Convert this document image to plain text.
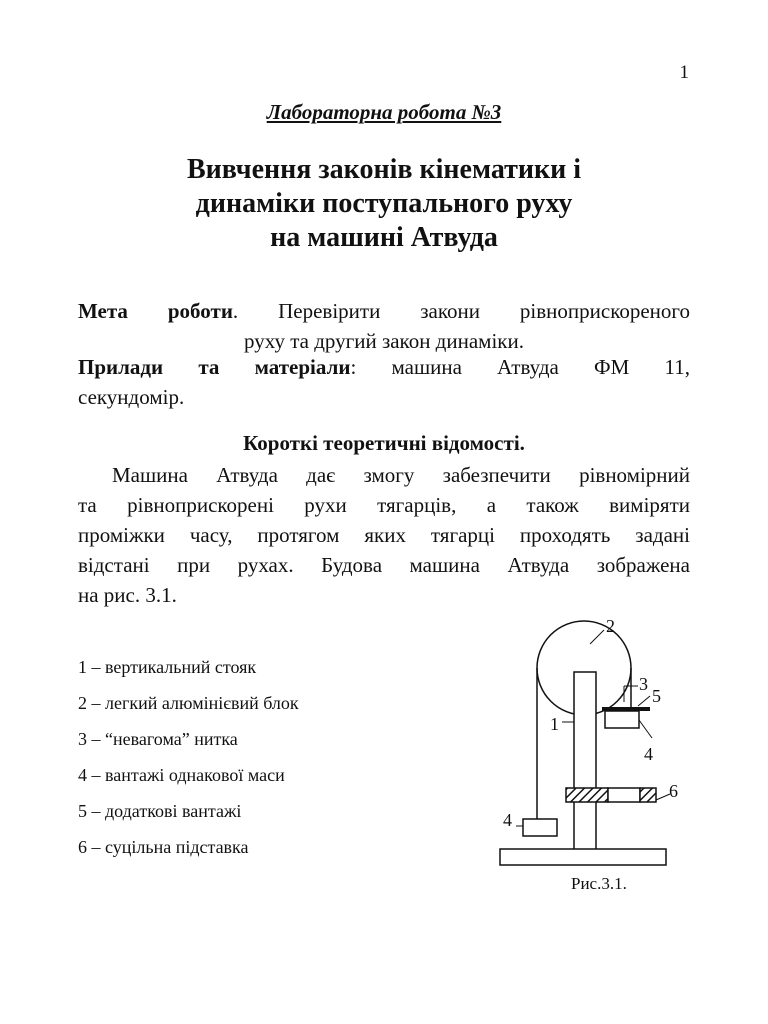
1
Лабораторна робота №3
Вивчення законів кінематики і
динаміки поступального руху
на машині Атвуда
Мета роботи. Перевірити закони рівноприскореного
руху та другий закон динаміки.
Прилади та матеріали: машина Атвуда ФМ 11,
секундомір.
Короткі теоретичні відомості.
Машина Атвуда дає змогу забезпечити рівномірний
та рівноприскорені рухи тягарців, а також виміряти
проміжки часу, протягом яких тягарці проходять задані
відстані при рухах. Будова машина Атвуда зображена
на рис. 3.1.
1 – вертикальний стояк
2 – легкий алюмінієвий блок
3 – “невагома” нитка
4 – вантажі однакової маси
5 – додаткові вантажі
6 – суцільна підставка
2
3
5
1
4
6
4
Рис.3.1.
